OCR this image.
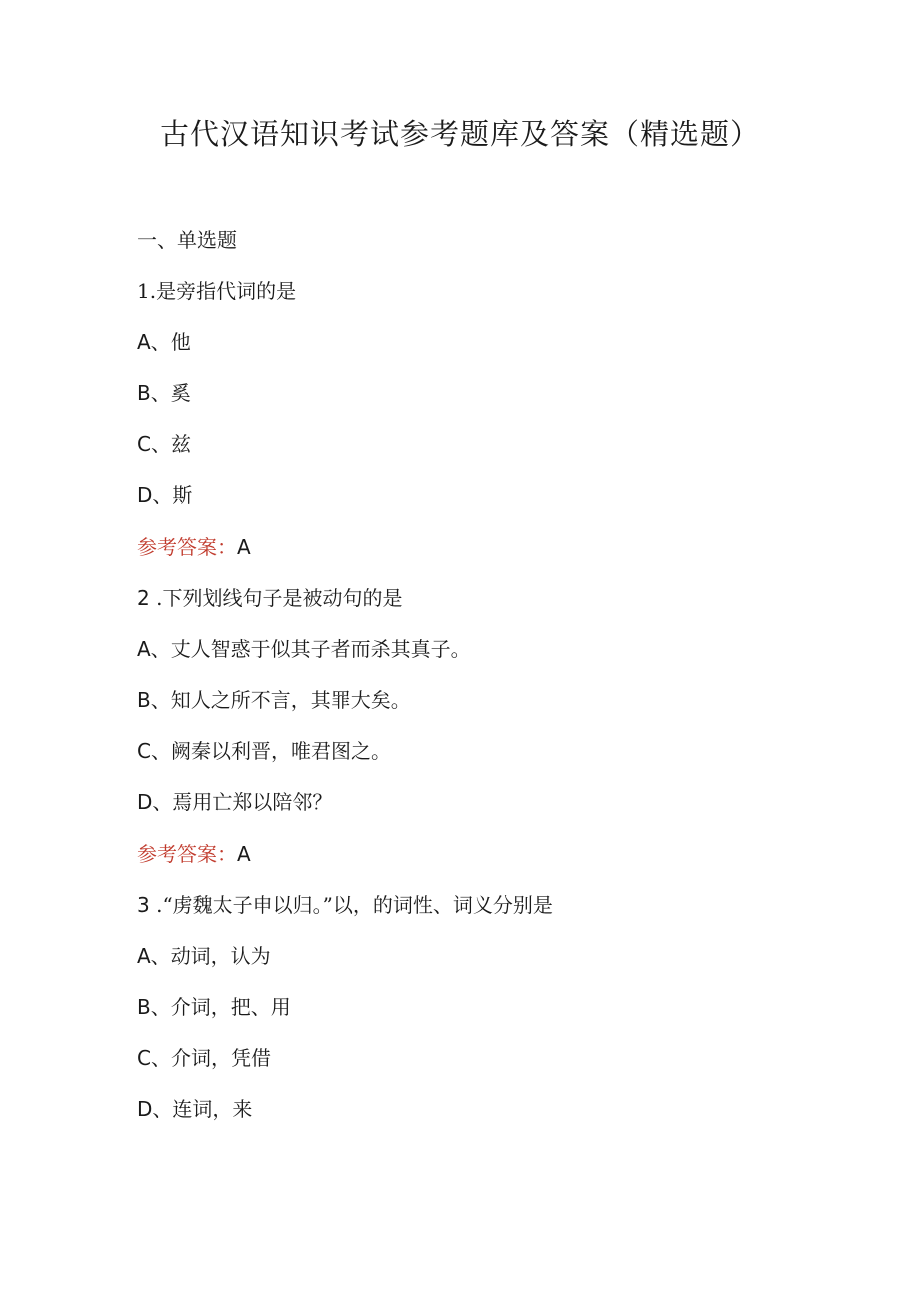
古代汉语知识考试参考题库及答案（精选题）
一、单选题
1.是旁指代词的是
A、他
B、奚
C、兹
D、斯
参考答案：A
2 .下列划线句子是被动句的是
A、丈人智惑于似其子者而杀其真子。
B、知人之所不言，其罪大矣。
C、阙秦以利晋，唯君图之。
D、焉用亡郑以陪邻？
参考答案：A
3 .“虏魏太子申以归。”以，的词性、词义分别是
A、动词，认为
B、介词，把、用
C、介词，凭借
D、连词，来
